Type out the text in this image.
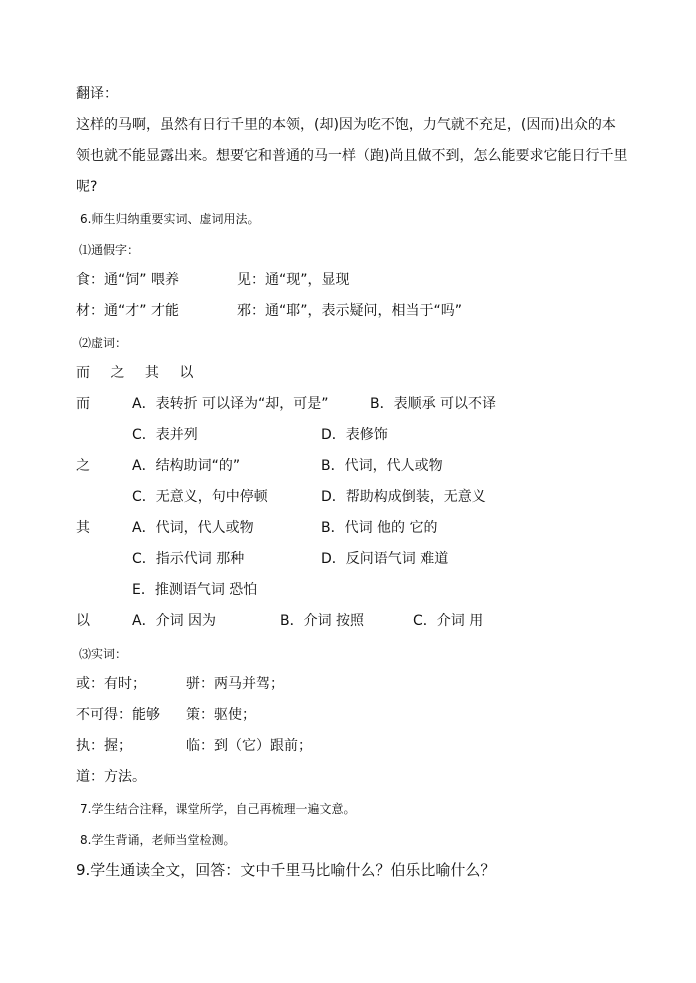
翻译：
这样的马啊，虽然有日行千里的本领，(却)因为吃不饱，力气就不充足，(因而)出众的本
领也就不能显露出来。想要它和普通的马一样（跑)尚且做不到，怎么能要求它能日行千里
呢?
6.师生归纳重要实词、虚词用法。
⑴通假字：
食：通“饲” 喂养	见：通“现”，显现
材：通“才” 才能	邪：通“耶”，表示疑问，相当于“吗”
⑵虚词：
而 之 其 以
而	A．表转折 可以译为“却，可是”	B．表顺承 可以不译
C．表并列	D．表修饰
之	A．结构助词“的”	B．代词，代人或物
C．无意义，句中停顿	D．帮助构成倒装，无意义
其	A．代词，代人或物	B．代词 他的 它的
C．指示代词 那种	D．反问语气词 难道
E．推测语气词 恐怕
以	A．介词 因为	B．介词 按照	C．介词 用
⑶实词：
或：有时；	骈：两马并驾；
不可得：能够 策：驱使；
执：握；	临：到（它）跟前；
道：方法。
7.学生结合注释，课堂所学，自己再梳理一遍文意。
8.学生背诵，老师当堂检测。
9.学生通读全文，回答：文中千里马比喻什么？伯乐比喻什么？
